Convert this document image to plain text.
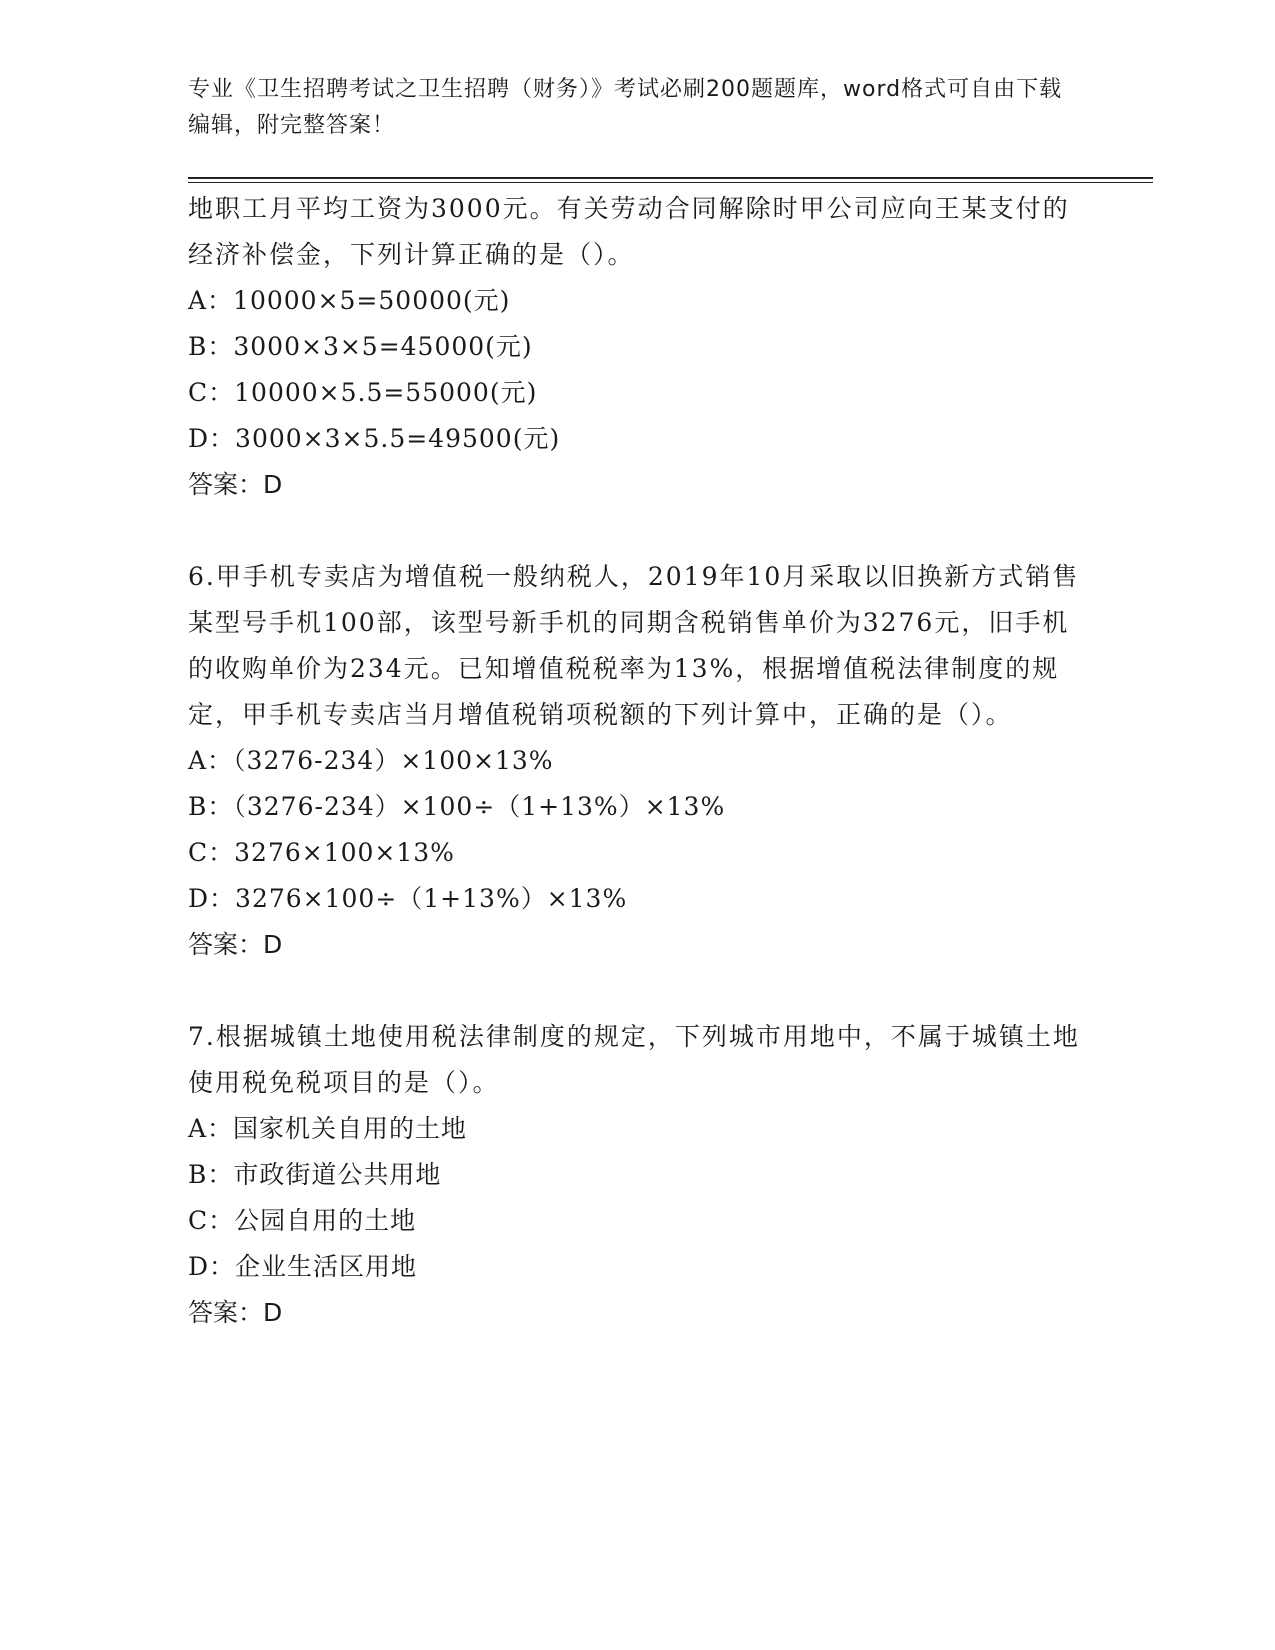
专业《卫生招聘考试之卫生招聘（财务）》考试必刷200题题库，word格式可自由下载编辑，附完整答案！

地职工月平均工资为3000元。有关劳动合同解除时甲公司应向王某支付的经济补偿金，下列计算正确的是（）。

A：10000×5=50000(元)
B：3000×3×5=45000(元)
C：10000×5.5=55000(元)
D：3000×3×5.5=49500(元)
答案：D

6.甲手机专卖店为增值税一般纳税人，2019年10月采取以旧换新方式销售某型号手机100部，该型号新手机的同期含税销售单价为3276元，旧手机的收购单价为234元。已知增值税税率为13%，根据增值税法律制度的规定，甲手机专卖店当月增值税销项税额的下列计算中，正确的是（）。

A：（3276-234）×100×13%
B：（3276-234）×100÷（1+13%）×13%
C：3276×100×13%
D：3276×100÷（1+13%）×13%
答案：D

7.根据城镇土地使用税法律制度的规定，下列城市用地中，不属于城镇土地使用税免税项目的是（）。

A：国家机关自用的土地
B：市政街道公共用地
C：公园自用的土地
D：企业生活区用地
答案：D
